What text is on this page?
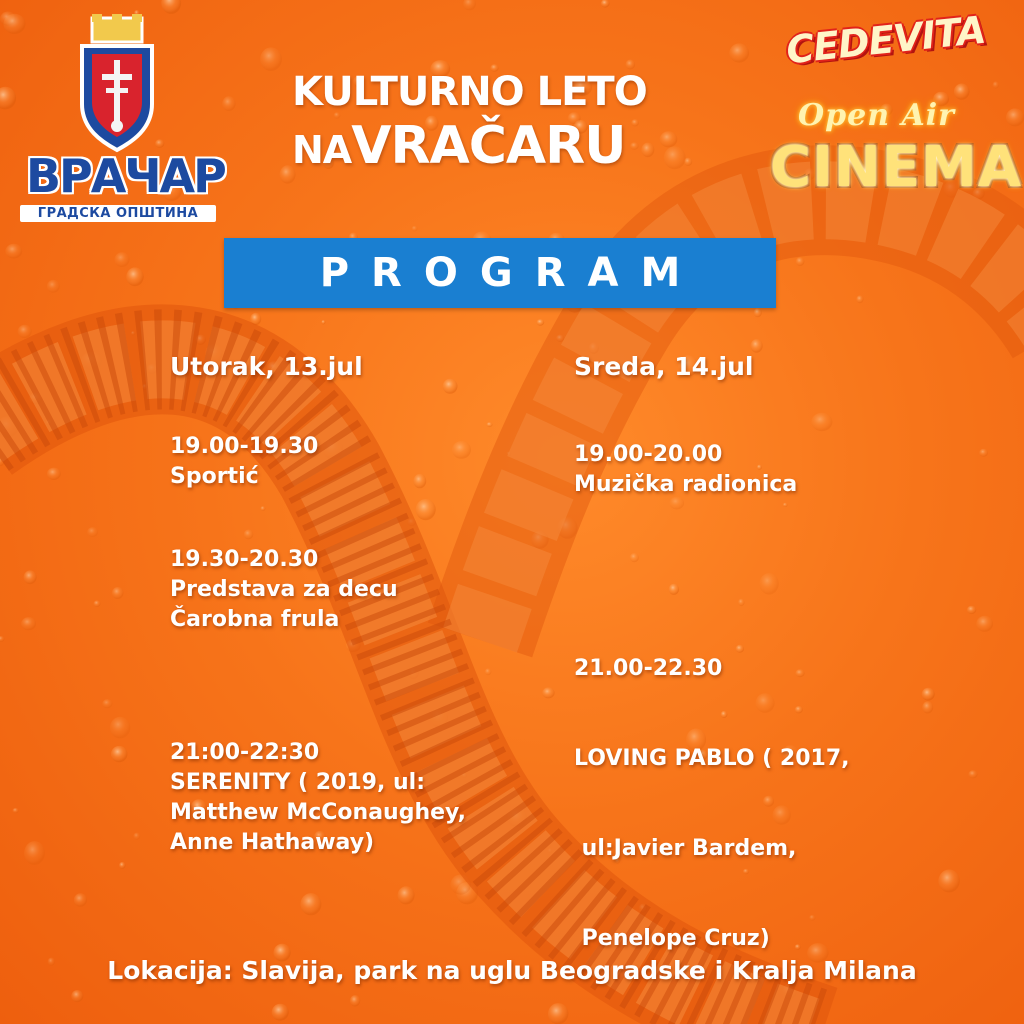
ВРАЧАР
ГРАДСКА ОПШТИНА
KULTURNO LETO
NAVRAČARU
CEDEVITA
Open Air
CINEMA
PROGRAM
Utorak, 13.jul
19.00-19.30
Sportić
19.30-20.30
Predstava za decu
Čarobna frula
21:00-22:30
SERENITY ( 2019, ul:
Matthew McConaughey,
Anne Hathaway)
Sreda, 14.jul
19.00-20.00
Muzička radionica

21.00-22.30

LOVING PABLO ( 2017,

ul:Javier Bardem,

Penelope Cruz)

Lokacija: Slavija, park na uglu Beogradske i Kralja Milana
